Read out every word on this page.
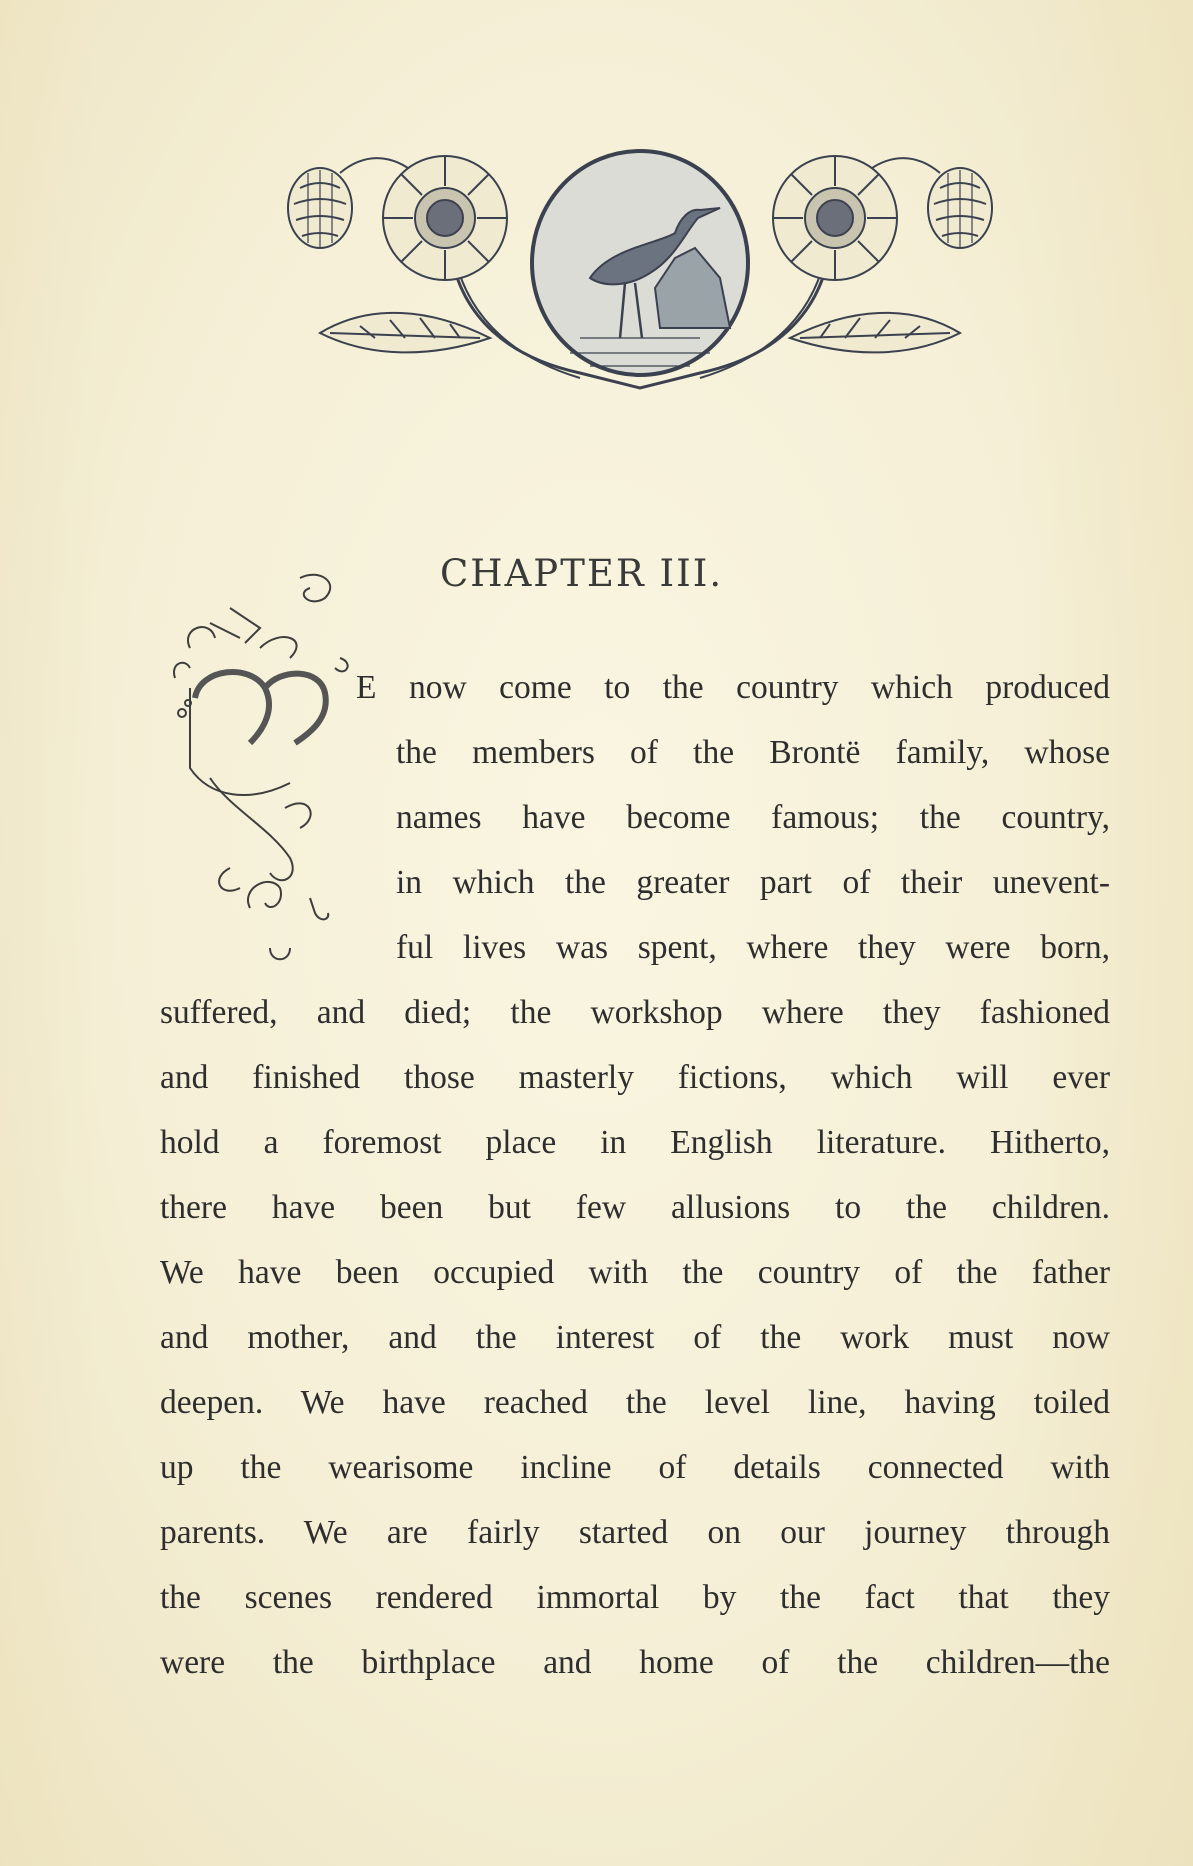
CHAPTER III.
E now come to the country which produced
the members of the Brontë family, whose
names have become famous; the country,
in which the greater part of their unevent-
ful lives was spent, where they were born,
suffered, and died; the workshop where they fashioned
and finished those masterly fictions, which will ever
hold a foremost place in English literature. Hitherto,
there have been but few allusions to the children.
We have been occupied with the country of the father
and mother, and the interest of the work must now
deepen. We have reached the level line, having toiled
up the wearisome incline of details connected with
parents. We are fairly started on our journey through
the scenes rendered immortal by the fact that they
were the birthplace and home of the children—the
